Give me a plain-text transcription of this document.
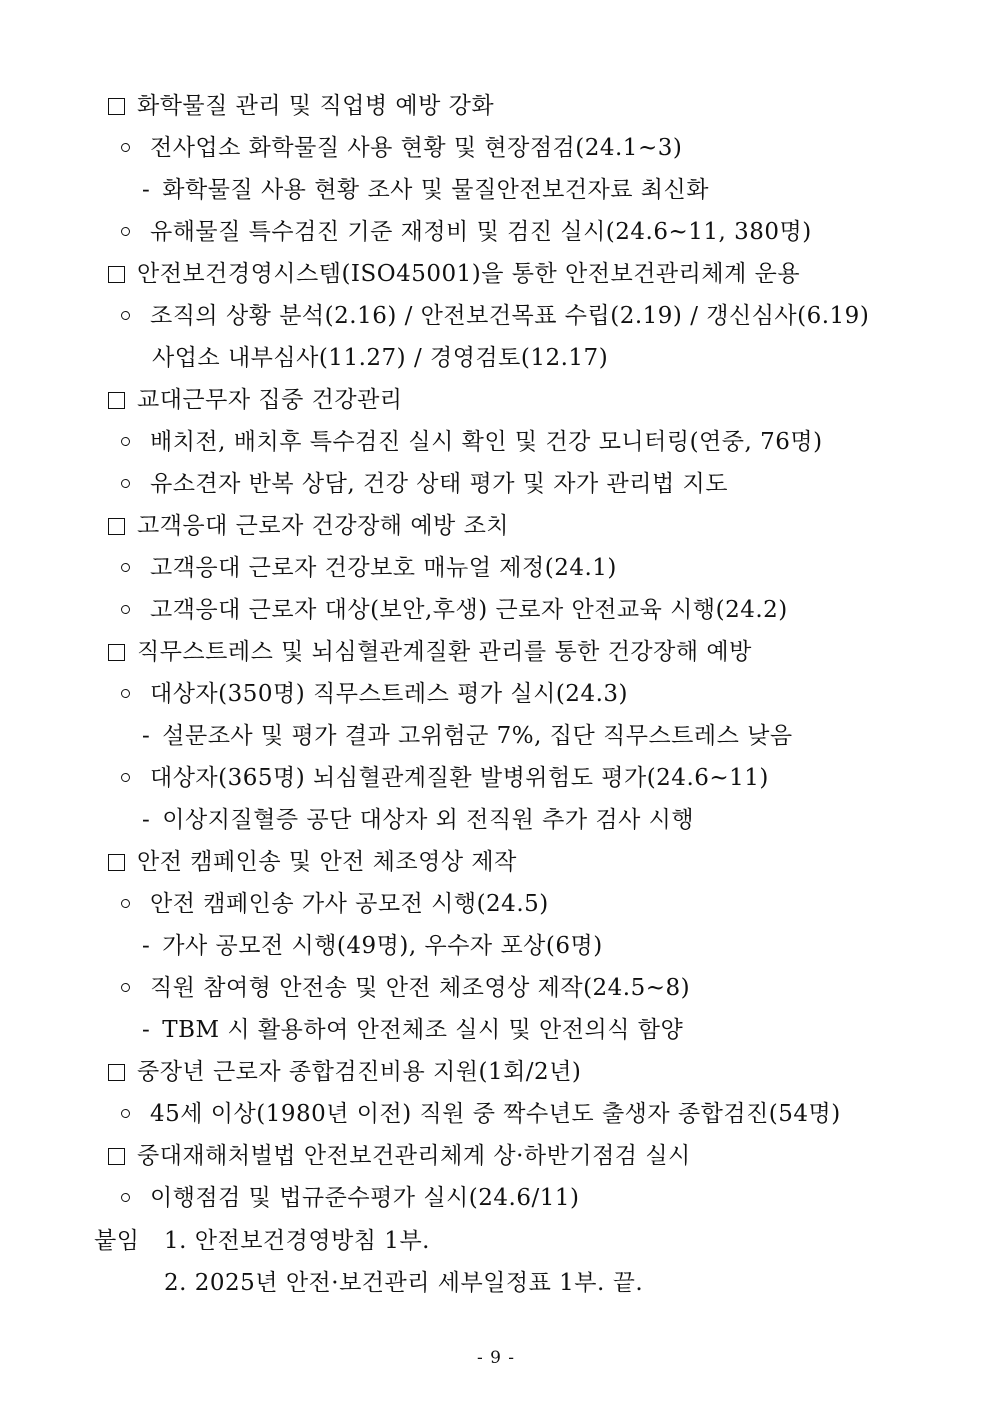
화학물질 관리 및 직업병 예방 강화
전사업소 화학물질 사용 현황 및 현장점검(24.1~3)
- 화학물질 사용 현황 조사 및 물질안전보건자료 최신화
유해물질 특수검진 기준 재정비 및 검진 실시(24.6~11, 380명)
안전보건경영시스템(ISO45001)을 통한 안전보건관리체계 운용
조직의 상황 분석(2.16) / 안전보건목표 수립(2.19) / 갱신심사(6.19)
사업소 내부심사(11.27) / 경영검토(12.17)
교대근무자 집중 건강관리
배치전, 배치후 특수검진 실시 확인 및 건강 모니터링(연중, 76명)
유소견자 반복 상담, 건강 상태 평가 및 자가 관리법 지도
고객응대 근로자 건강장해 예방 조치
고객응대 근로자 건강보호 매뉴얼 제정(24.1)
고객응대 근로자 대상(보안,후생) 근로자 안전교육 시행(24.2)
직무스트레스 및 뇌심혈관계질환 관리를 통한 건강장해 예방
대상자(350명) 직무스트레스 평가 실시(24.3)
- 설문조사 및 평가 결과 고위험군 7%, 집단 직무스트레스 낮음
대상자(365명) 뇌심혈관계질환 발병위험도 평가(24.6~11)
- 이상지질혈증 공단 대상자 외 전직원 추가 검사 시행
안전 캠페인송 및 안전 체조영상 제작
안전 캠페인송 가사 공모전 시행(24.5)
- 가사 공모전 시행(49명), 우수자 포상(6명)
직원 참여형 안전송 및 안전 체조영상 제작(24.5~8)
- TBM 시 활용하여 안전체조 실시 및 안전의식 함양
중장년 근로자 종합검진비용 지원(1회/2년)
45세 이상(1980년 이전) 직원 중 짝수년도 출생자 종합검진(54명)
중대재해처벌법 안전보건관리체계 상·하반기점검 실시
이행점검 및 법규준수평가 실시(24.6/11)
붙임 1. 안전보건경영방침 1부.
2. 2025년 안전·보건관리 세부일정표 1부. 끝.
- 9 -
